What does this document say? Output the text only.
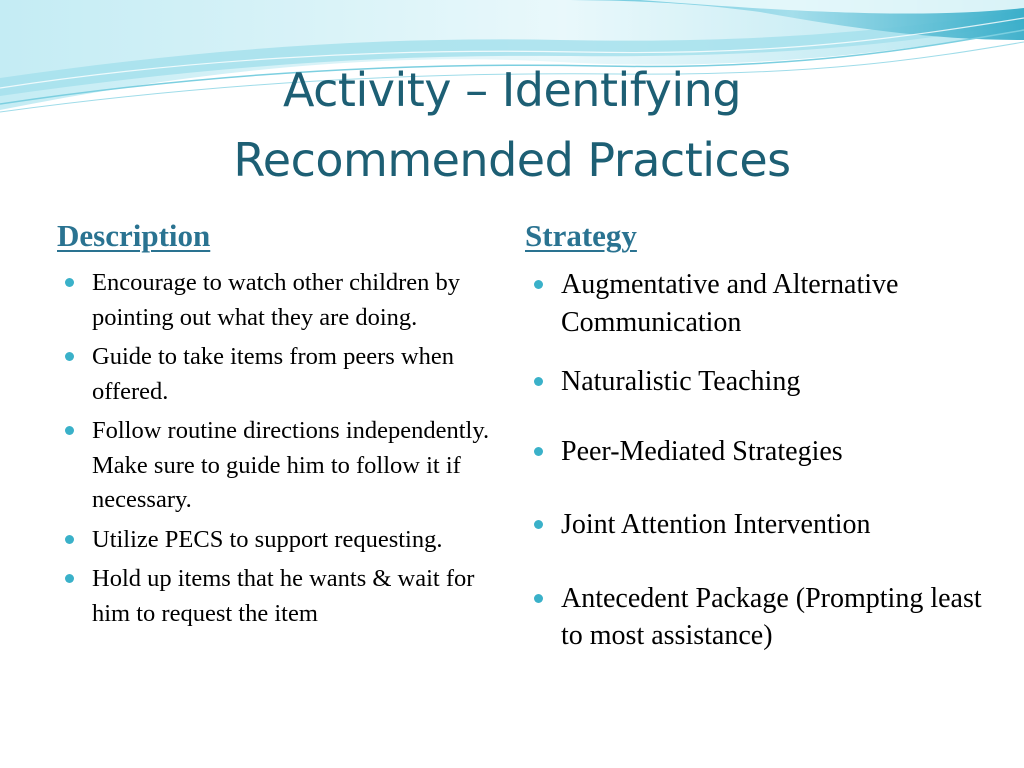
Activity – Identifying
Recommended Practices
Description	Strategy
Encourage to watch other children by pointing out what they are doing.
Guide to take items from peers when offered.
Follow routine directions independently. Make sure to guide him to follow it if necessary.
Utilize PECS to support requesting.
Hold up items that he wants & wait for him to request the item
Augmentative and Alternative Communication
Naturalistic Teaching
Peer-Mediated Strategies
Joint Attention Intervention
Antecedent Package (Prompting least to most assistance)
